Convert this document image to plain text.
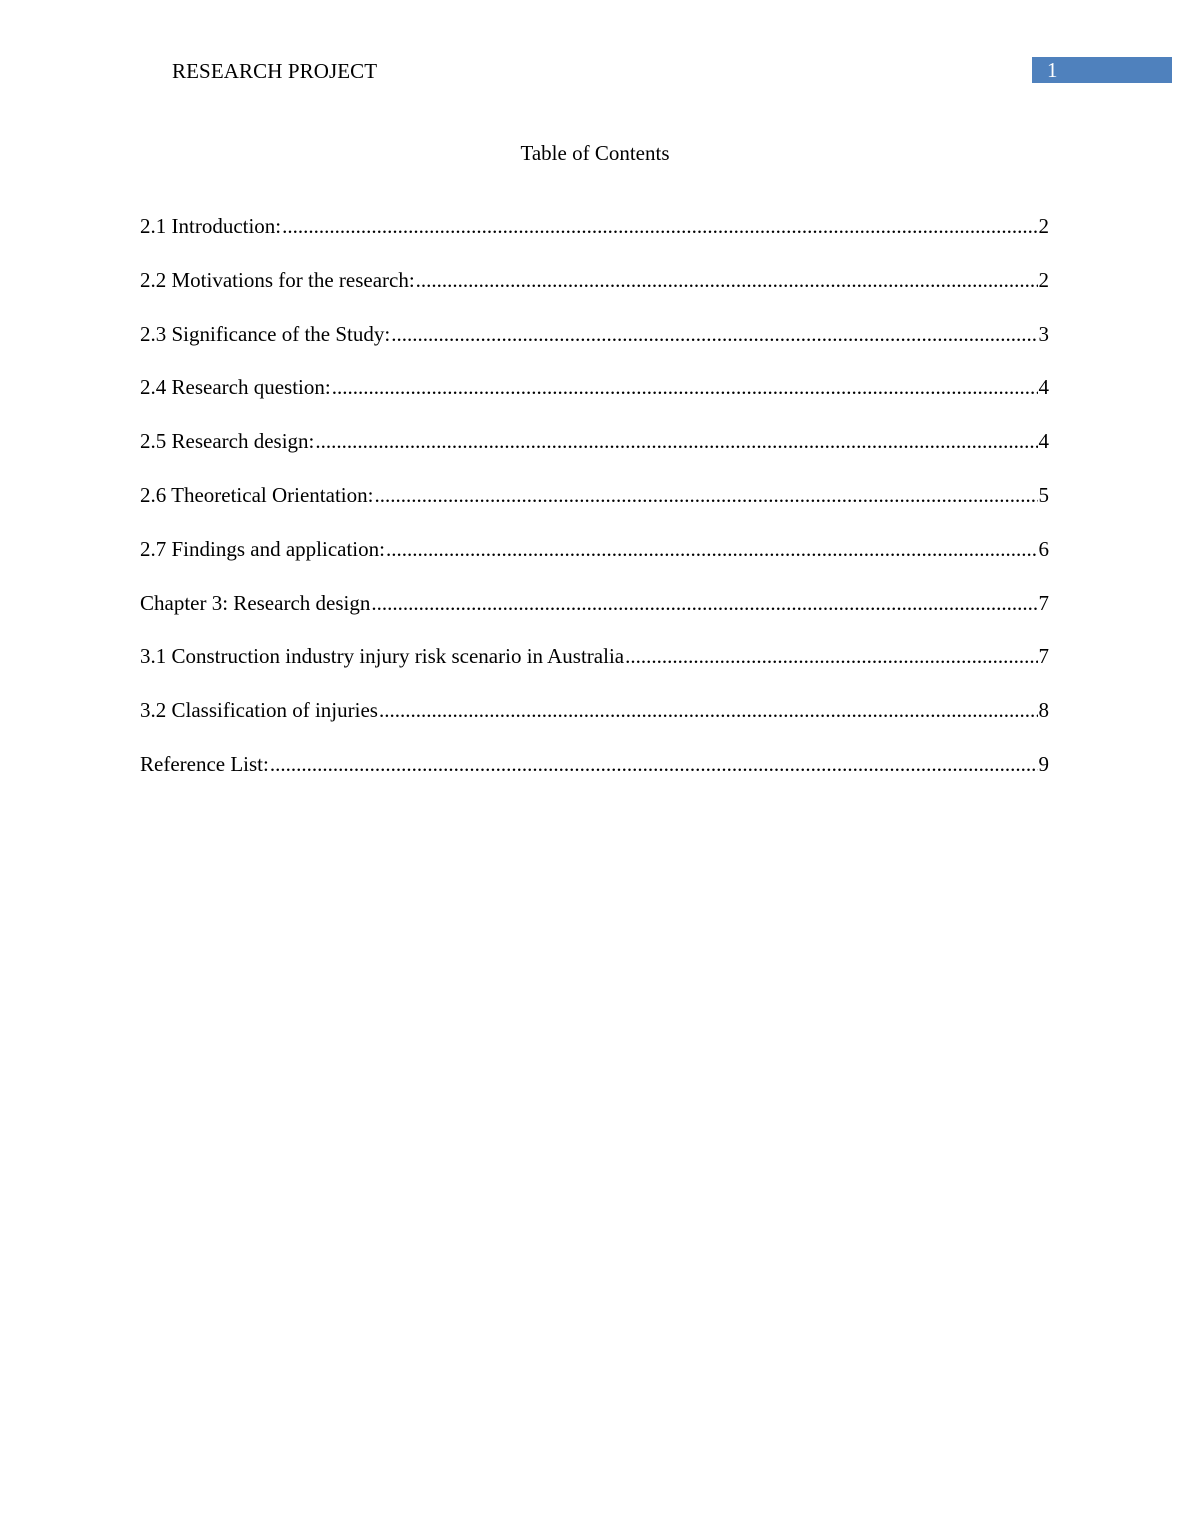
RESEARCH PROJECT	1
Table of Contents
2.1 Introduction: .....	2
2.2 Motivations for the research: .....	2
2.3 Significance of the Study: .....	3
2.4 Research question: .....	4
2.5 Research design: .....	4
2.6 Theoretical Orientation: .....	5
2.7 Findings and application: .....	6
Chapter 3: Research design .....	7
3.1 Construction industry injury risk scenario in Australia .....	7
3.2 Classification of injuries .....	8
Reference List: .....	9
